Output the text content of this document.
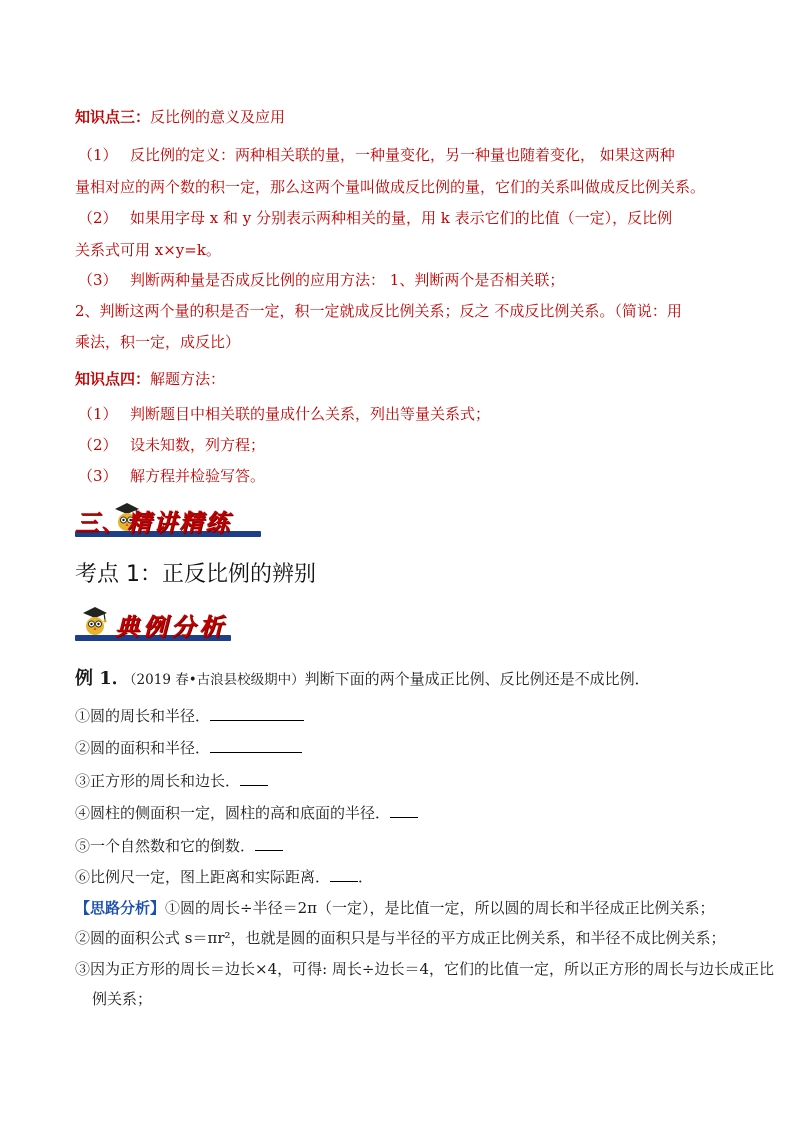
知识点三：反比例的意义及应用
（1） 反比例的定义：两种相关联的量，一种量变化，另一种量也随着变化， 如果这两种
量相对应的两个数的积一定，那么这两个量叫做成反比例的量，它们的关系叫做成反比例关系。
（2） 如果用字母 x 和 y 分别表示两种相关的量，用 k 表示它们的比值（一定），反比例
关系式可用 x×y=k。
（3） 判断两种量是否成反比例的应用方法： 1、判断两个是否相关联；
2、判断这两个量的积是否一定，积一定就成反比例关系；反之 不成反比例关系。（简说：用
乘法，积一定，成反比）
知识点四：解题方法：
（1） 判断题目中相关联的量成什么关系，列出等量关系式；
（2） 设未知数，列方程；
（3） 解方程并检验写答。
三、精讲精练
考点 1：正反比例的辨别
典例分析
例 1．（2019 春•古浪县校级期中）判断下面的两个量成正比例、反比例还是不成比例．
①圆的周长和半径．
②圆的面积和半径．
③正方形的周长和边长．
④圆柱的侧面积一定，圆柱的高和底面的半径．
⑤一个自然数和它的倒数．
⑥比例尺一定，图上距离和实际距离． ．
【思路分析】①圆的周长÷半径＝2π（一定），是比值一定，所以圆的周长和半径成正比例关系；
②圆的面积公式 s＝πr²，也就是圆的面积只是与半径的平方成正比例关系，和半径不成比例关系；
③因为正方形的周长＝边长×4，可得: 周长÷边长＝4，它们的比值一定，所以正方形的周长与边长成正比
例关系；
